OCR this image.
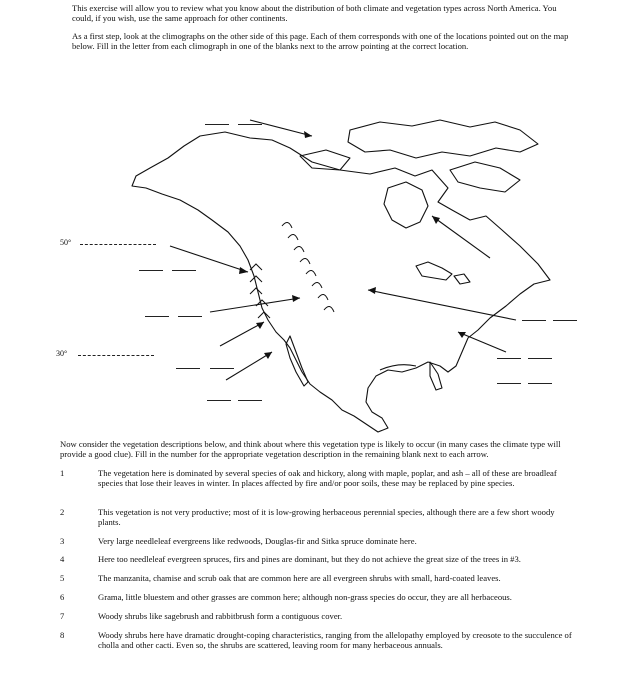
This exercise will allow you to review what you know about the distribution of both climate and vegetation types across North America. You could, if you wish, use the same approach for other continents.
As a first step, look at the climographs on the other side of this page. Each of them corresponds with one of the locations pointed out on the map below. Fill in the letter from each climograph in one of the blanks next to the arrow pointing at the correct location.
50°
30°
Now consider the vegetation descriptions below, and think about where this vegetation type is likely to occur (in many cases the climate type will provide a good clue). Fill in the number for the appropriate vegetation description in the remaining blank next to each arrow.
1	The vegetation here is dominated by several species of oak and hickory, along with maple, poplar, and ash – all of these are broadleaf species that lose their leaves in winter. In places affected by fire and/or poor soils, these may be replaced by pine species.
2	This vegetation is not very productive; most of it is low-growing herbaceous perennial species, although there are a few short woody plants.
3	Very large needleleaf evergreens like redwoods, Douglas-fir and Sitka spruce dominate here.
4	Here too needleleaf evergreen spruces, firs and pines are dominant, but they do not achieve the great size of the trees in #3.
5	The manzanita, chamise and scrub oak that are common here are all evergreen shrubs with small, hard-coated leaves.
6	Grama, little bluestem and other grasses are common here; although non-grass species do occur, they are all herbaceous.
7	Woody shrubs like sagebrush and rabbitbrush form a contiguous cover.
8	Woody shrubs here have dramatic drought-coping characteristics, ranging from the allelopathy employed by creosote to the succulence of cholla and other cacti. Even so, the shrubs are scattered, leaving room for many herbaceous annuals.
